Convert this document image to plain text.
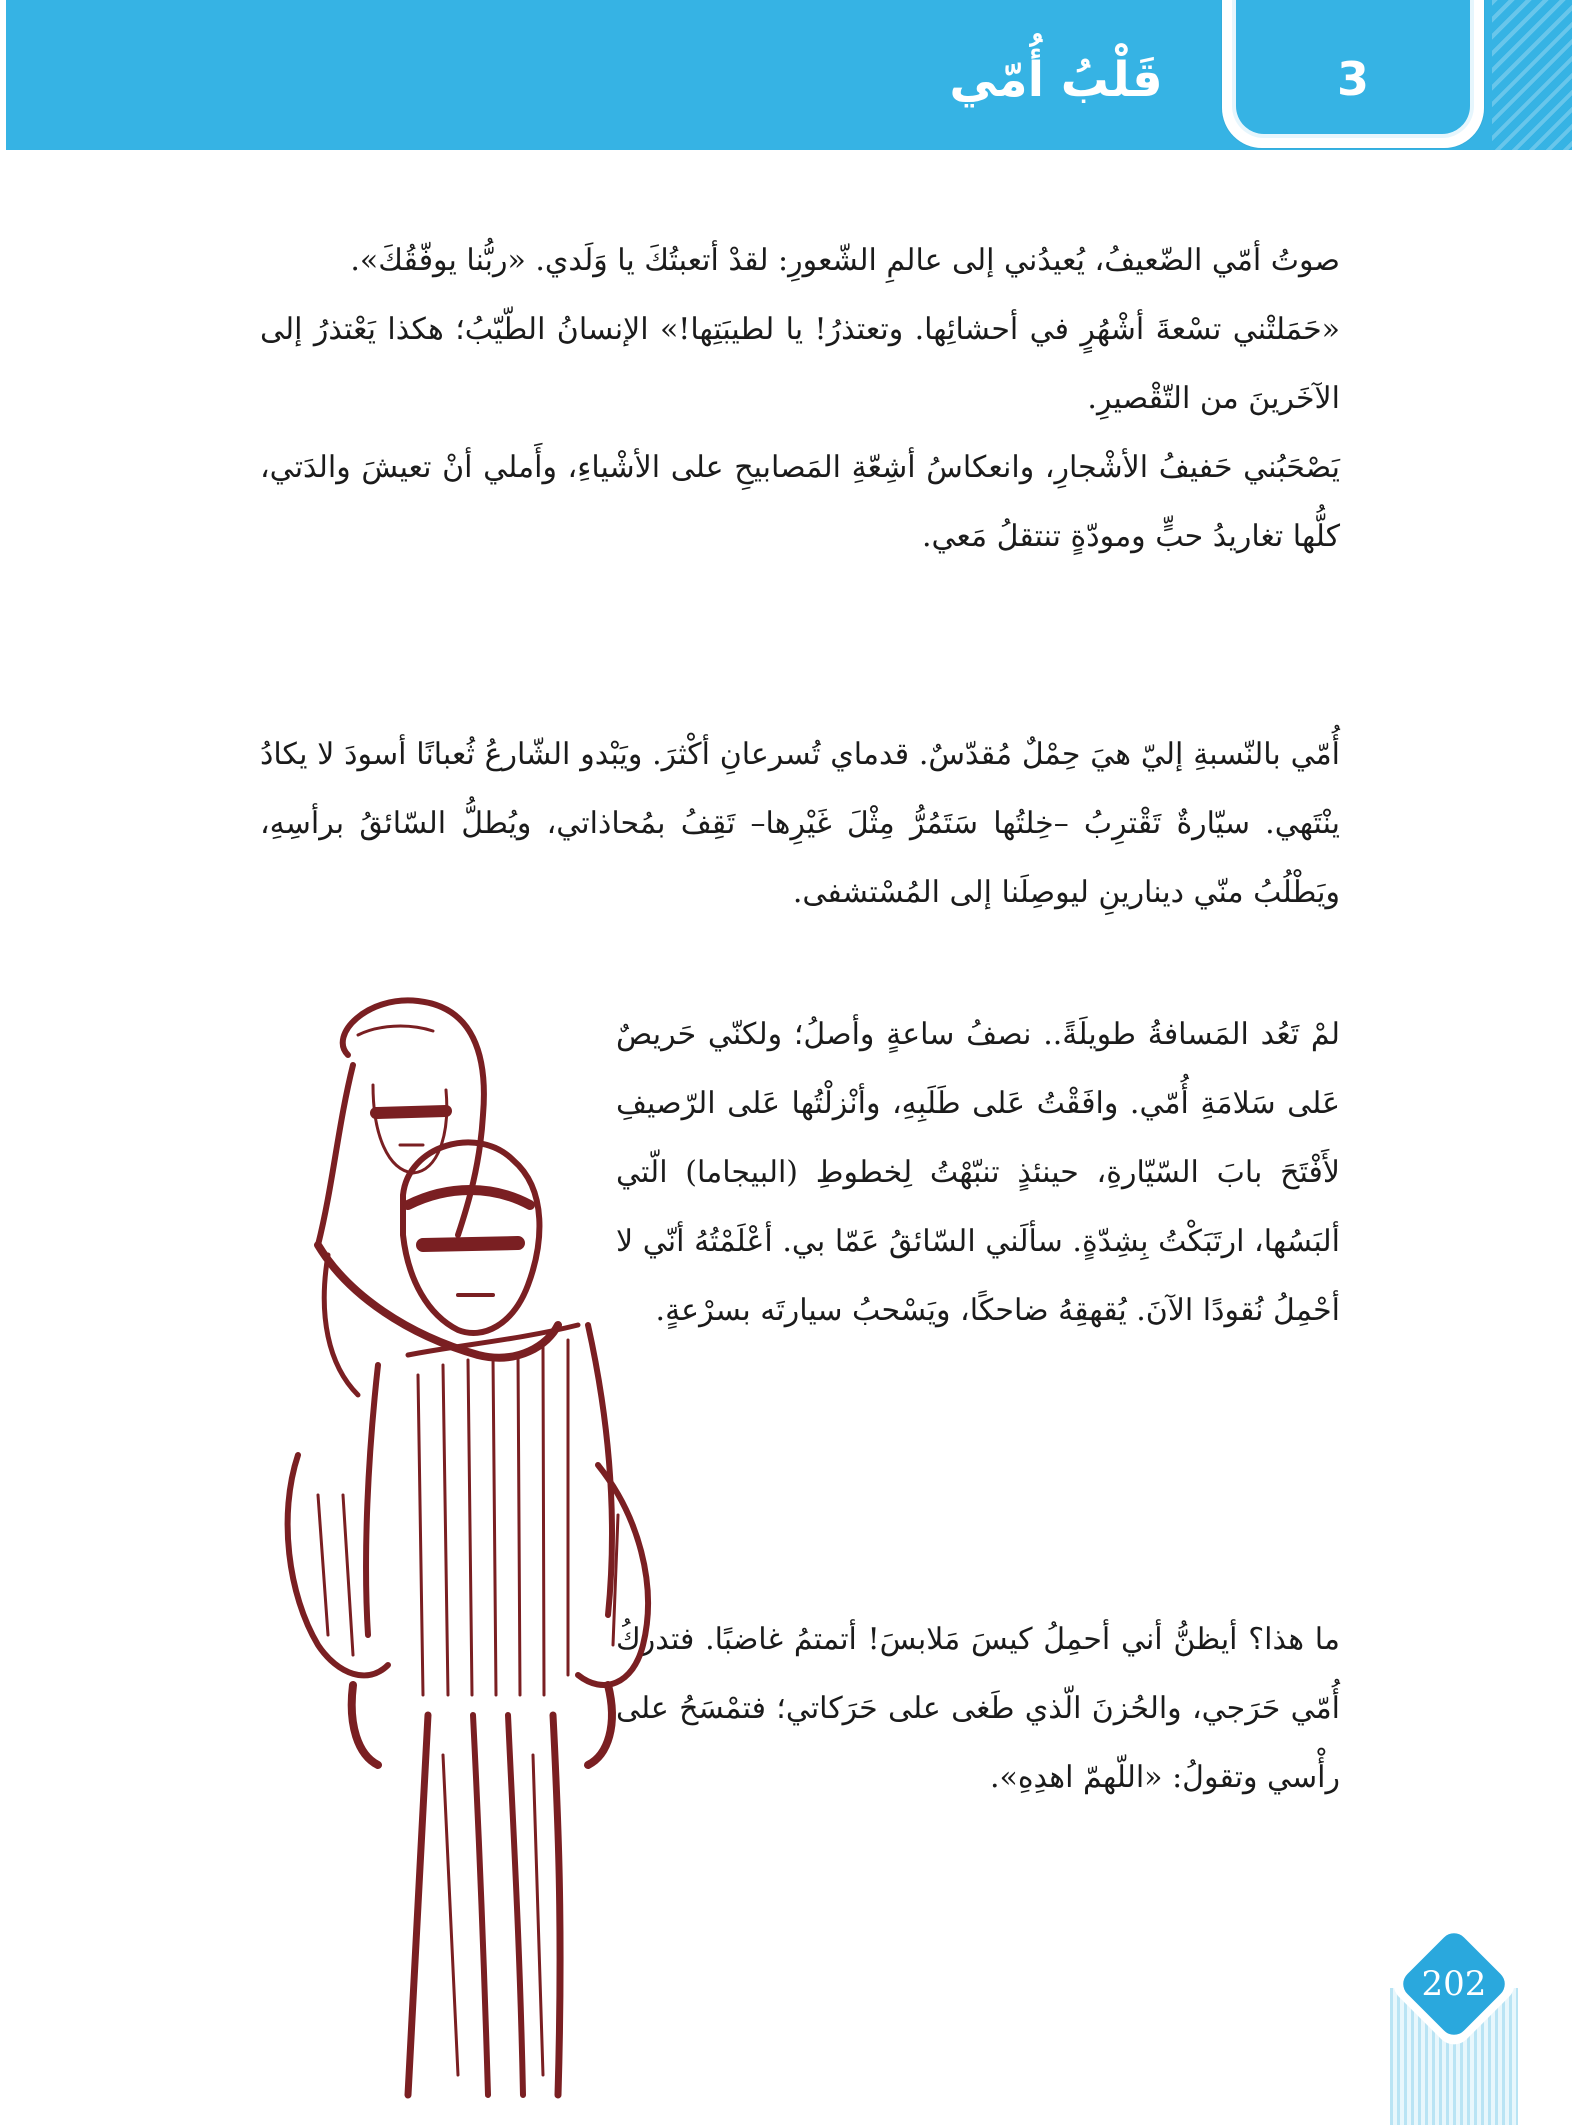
قَلْبُ أُمّي	3

صوتُ أمّي الضّعيفُ، يُعيدُني إلى عالمِ الشّعورِ: لقدْ أتعبتُكَ يا وَلَدي. «ربُّنا يوفّقُكَ».

«حَمَلتْني تسْعةَ أشْهُرٍ في أحشائِها. وتعتذرُ! يا لطيبَتِها!» الإنسانُ الطّيّبُ؛ هكذا يَعْتذرُ إلى الآخَرينَ من التّقْصيرِ.

يَصْحَبُني حَفيفُ الأشْجارِ، وانعكاسُ أشِعّةِ المَصابيحِ على الأشْياءِ، وأَملي أنْ تعيشَ والدَتي، كلُّها تغاريدُ حبٍّ ومودّةٍ تنتقلُ مَعي.

أُمّي بالنّسبةِ إليّ هيَ حِمْلٌ مُقدّسٌ. قدماي تُسرعانِ أكْثرَ. ويَبْدو الشّارعُ ثُعبانًا أسودَ لا يكادُ ينْتَهي. سيّارةٌ تَقْترِبُ –خِلتُها سَتَمُرُّ مِثْلَ غَيْرِها– تَقِفُ بمُحاذاتي، ويُطلُّ السّائقُ برأسِهِ، ويَطْلُبُ منّي دينارينِ ليوصِلَنا إلى المُسْتشفى.

لمْ تَعُد المَسافةُ طويلَةً.. نصفُ ساعةٍ وأصلُ؛ ولكنّي حَريصٌ عَلى سَلامَةِ أُمّي. وافَقْتُ عَلى طَلَبِهِ، وأنْزلْتُها عَلى الرّصيفِ لأَفْتَحَ بابَ السّيّارةِ، حينئذٍ تنبّهْتُ لِخطوطِ (البيجاما) الّتي ألبَسُها، ارتَبَكْتُ بِشِدّةٍ. سألَني السّائقُ عَمّا بي. أعْلَمْتُهُ أنّي لا أحْمِلُ نُقودًا الآنَ. يُقهقِهُ ضاحكًا، ويَسْحبُ سيارتَه بسرْعةٍ.

ما هذا؟ أيظنُّ أني أحمِلُ كيسَ مَلابسَ! أتمتمُ غاضبًا. فتدركُ أُمّي حَرَجي، والحُزنَ الّذي طَغى على حَرَكاتي؛ فتمْسَحُ على رأْسي وتقولُ: «اللّهمّ اهدِهِ».

202
